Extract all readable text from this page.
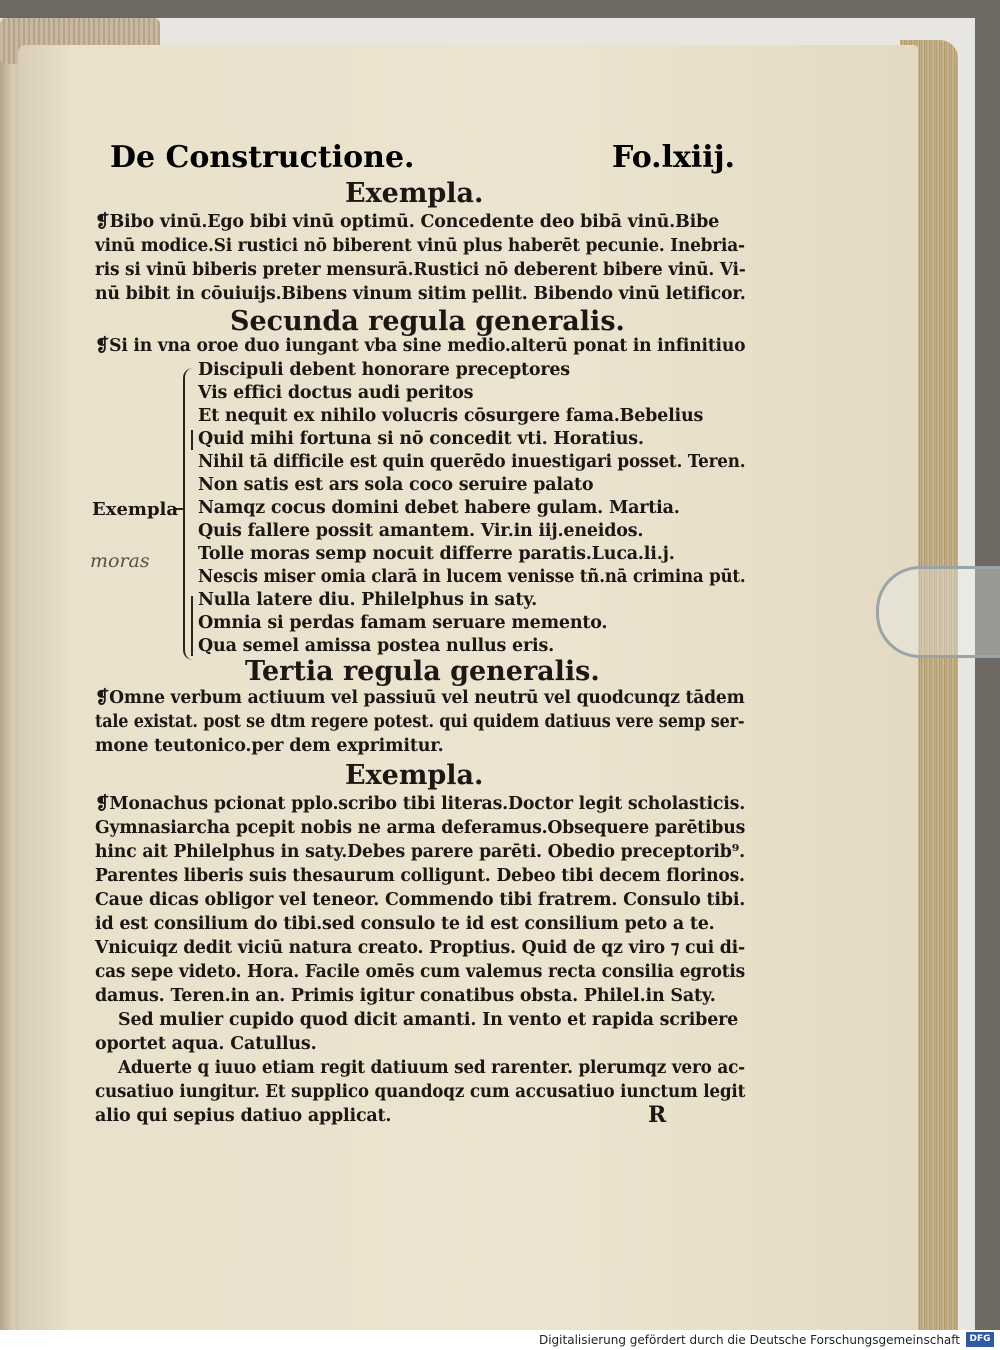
De Constructione.	Fo.lxiij.
Exempla.
❡Bibo vinū.Ego bibi vinū optimū. Concedente deo bibā vinū.Bibe
vinū modice.Si rustici nō biberent vinū plus haberēt pecunie. Inebria-
ris si vinū biberis preter mensurā.Rustici nō deberent bibere vinū. Vi-
nū bibit in cōuiuijs.Bibens vinum sitim pellit. Bibendo vinū letificor.
Secunda regula generalis.
❡Si in vna oroe duo iungant vba sine medio.alterū ponat in infinitiuo
Exempla
moras
Discipuli debent honorare preceptores
Vis effici doctus audi peritos
Et nequit ex nihilo volucris cōsurgere fama.Bebelius
Quid mihi fortuna si nō concedit vti. Horatius.
Nihil tā difficile est quin querēdo inuestigari posset. Teren.
Non satis est ars sola coco seruire palato
Namqz cocus domini debet habere gulam. Martia.
Quis fallere possit amantem. Vir.in iij.eneidos.
Tolle moras semp nocuit differre paratis.Luca.li.j.
Nescis miser omia clarā in lucem venisse tñ.nā crimina pūt.
Nulla latere diu. Philelphus in saty.
Omnia si perdas famam seruare memento.
Qua semel amissa postea nullus eris.
Tertia regula generalis.
❡Omne verbum actiuum vel passiuū vel neutrū vel quodcunqz tādem
tale existat. post se dtm regere potest. qui quidem datiuus vere semp ser-
mone teutonico.per dem exprimitur.
Exempla.
❡Monachus pcionat pplo.scribo tibi literas.Doctor legit scholasticis.
Gymnasiarcha pcepit nobis ne arma deferamus.Obsequere parētibus
hinc ait Philelphus in saty.Debes parere parēti. Obedio preceptorib⁹.
Parentes liberis suis thesaurum colligunt. Debeo tibi decem florinos.
Caue dicas obligor vel teneor. Commendo tibi fratrem. Consulo tibi.
id est consilium do tibi.sed consulo te id est consilium peto a te.
Vnicuiqz dedit viciū natura creato. Proptius. Quid de qz viro ⁊ cui di-
cas sepe videto. Hora. Facile omēs cum valemus recta consilia egrotis
damus. Teren.in an. Primis igitur conatibus obsta. Philel.in Saty.
Sed mulier cupido quod dicit amanti. In vento et rapida scribere
oportet aqua. Catullus.
Aduerte q iuuo etiam regit datiuum sed rarenter. plerumqz vero ac-
cusatiuo iungitur. Et supplico quandoqz cum accusatiuo iunctum legit
alio qui sepius datiuo applicat.	R
Digitalisierung gefördert durch die Deutsche Forschungsgemeinschaft	DFG
